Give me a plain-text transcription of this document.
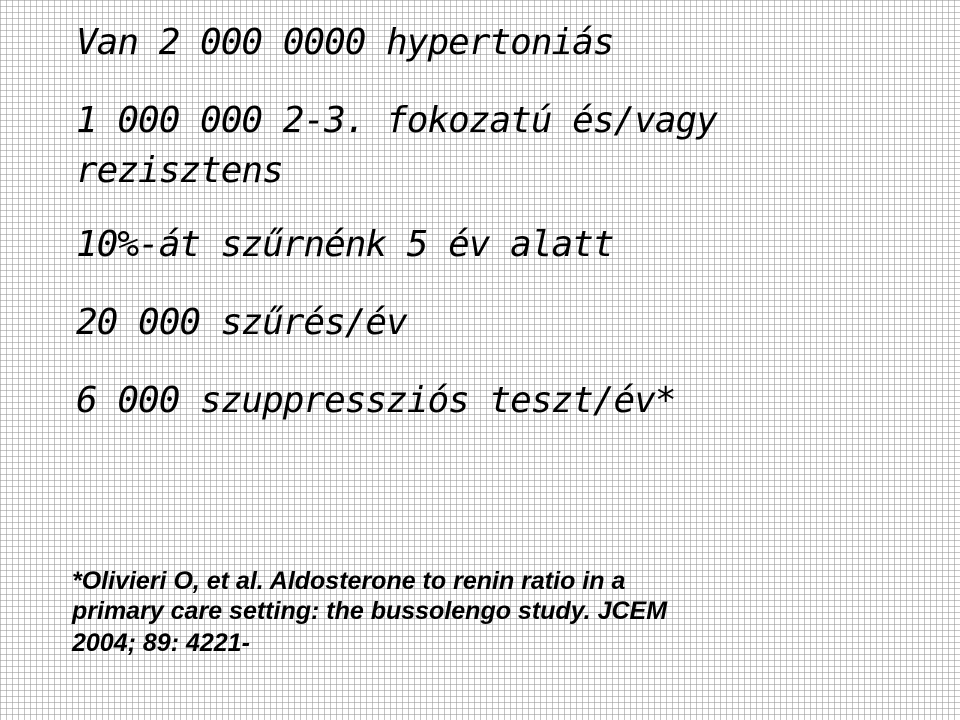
Van 2 000 0000 hypertoniás

1 000 000 2-3. fokozatú és/vagy

rezisztens

10%-át szűrnénk 5 év alatt

20 000 szűrés/év

6 000 szuppressziós teszt/év*

*Olivieri O, et al. Aldosterone to renin ratio in a
primary care setting: the bussolengo study. JCEM
2004; 89: 4221-
